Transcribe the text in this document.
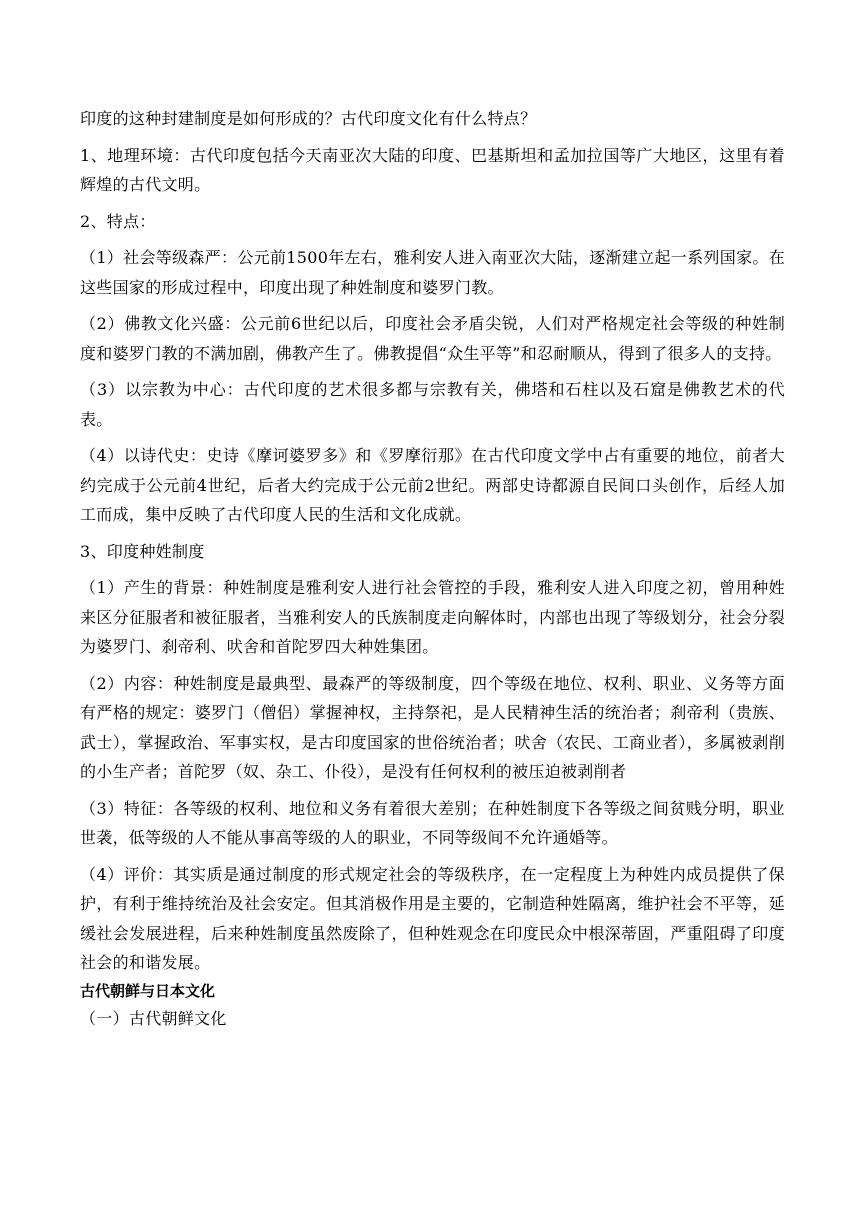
印度的这种封建制度是如何形成的？古代印度文化有什么特点？

1、地理环境：古代印度包括今天南亚次大陆的印度、巴基斯坦和孟加拉国等广大地区，这里有着辉煌的古代文明。

2、特点：

（1）社会等级森严：公元前1500年左右，雅利安人进入南亚次大陆，逐渐建立起一系列国家。在这些国家的形成过程中，印度出现了种姓制度和婆罗门教。

（2）佛教文化兴盛：公元前6世纪以后，印度社会矛盾尖锐，人们对严格规定社会等级的种姓制度和婆罗门教的不满加剧，佛教产生了。佛教提倡“众生平等”和忍耐顺从，得到了很多人的支持。

（3）以宗教为中心：古代印度的艺术很多都与宗教有关，佛塔和石柱以及石窟是佛教艺术的代表。

（4）以诗代史：史诗《摩诃婆罗多》和《罗摩衍那》在古代印度文学中占有重要的地位，前者大约完成于公元前4世纪，后者大约完成于公元前2世纪。两部史诗都源自民间口头创作，后经人加工而成，集中反映了古代印度人民的生活和文化成就。

3、印度种姓制度

（1）产生的背景：种姓制度是雅利安人进行社会管控的手段，雅利安人进入印度之初，曾用种姓来区分征服者和被征服者，当雅利安人的氏族制度走向解体时，内部也出现了等级划分，社会分裂为婆罗门、刹帝利、吠舍和首陀罗四大种姓集团。

（2）内容：种姓制度是最典型、最森严的等级制度，四个等级在地位、权利、职业、义务等方面有严格的规定：婆罗门（僧侣）掌握神权，主持祭祀，是人民精神生活的统治者；刹帝利（贵族、武士），掌握政治、军事实权，是古印度国家的世俗统治者；吠舍（农民、工商业者），多属被剥削的小生产者；首陀罗（奴、杂工、仆役），是没有任何权利的被压迫被剥削者

（3）特征：各等级的权利、地位和义务有着很大差别；在种姓制度下各等级之间贫贱分明，职业世袭，低等级的人不能从事高等级的人的职业，不同等级间不允许通婚等。

（4）评价：其实质是通过制度的形式规定社会的等级秩序，在一定程度上为种姓内成员提供了保护，有利于维持统治及社会安定。但其消极作用是主要的，它制造种姓隔离，维护社会不平等，延缓社会发展进程，后来种姓制度虽然废除了，但种姓观念在印度民众中根深蒂固，严重阻碍了印度社会的和谐发展。

古代朝鲜与日本文化

（一）古代朝鲜文化
